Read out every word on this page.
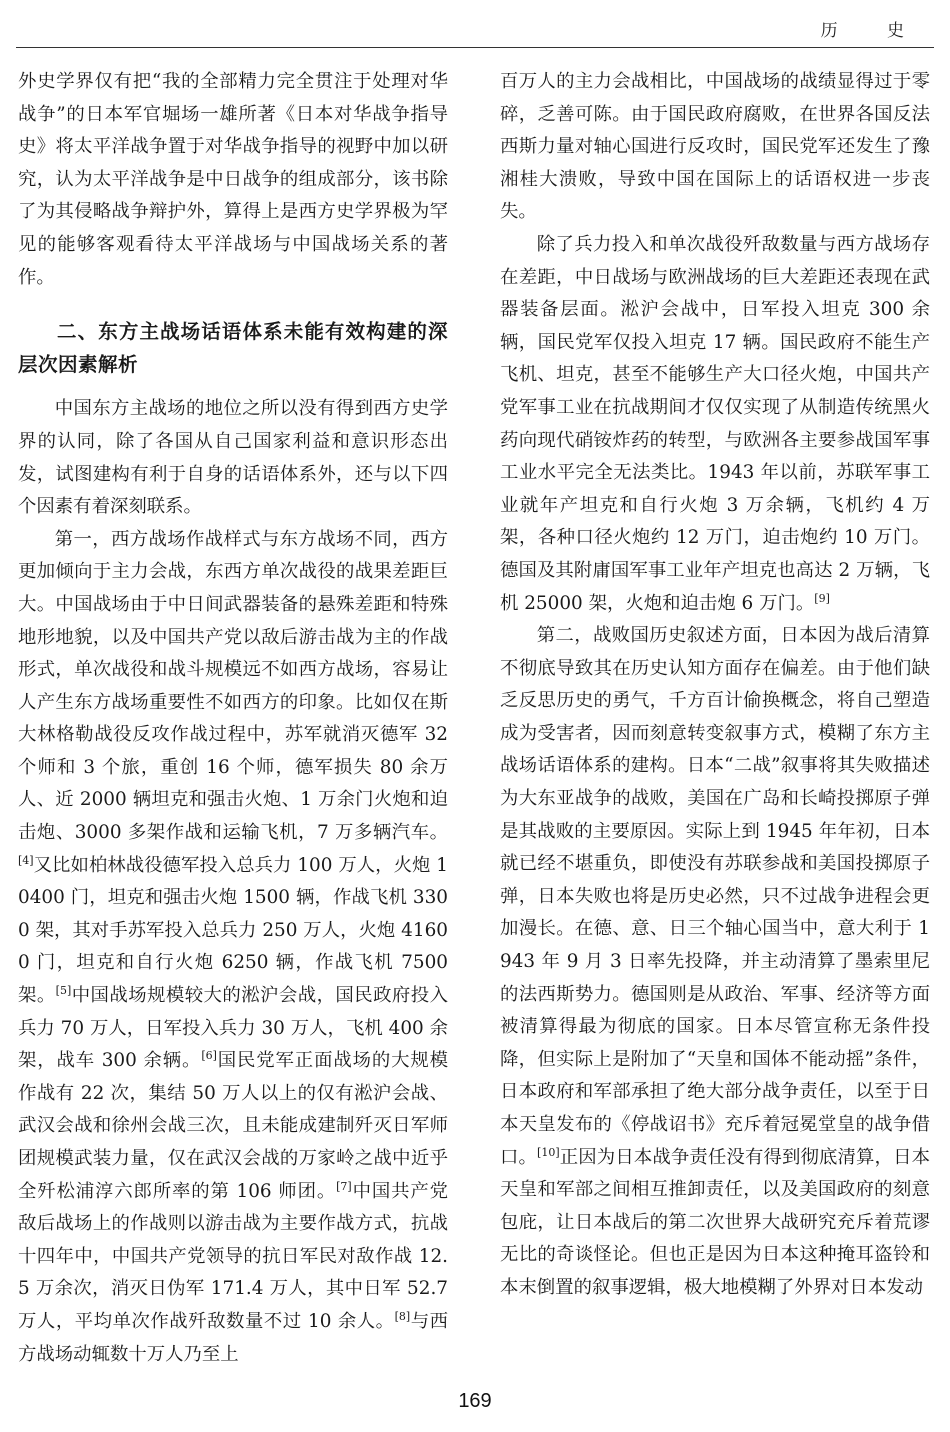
历 史

外史学界仅有把“我的全部精力完全贯注于处理对华战争”的日本军官堀场一雄所著《日本对华战争指导史》将太平洋战争置于对华战争指导的视野中加以研究，认为太平洋战争是中日战争的组成部分，该书除了为其侵略战争辩护外，算得上是西方史学界极为罕见的能够客观看待太平洋战场与中国战场关系的著作。

二、东方主战场话语体系未能有效构建的深层次因素解析

中国东方主战场的地位之所以没有得到西方史学界的认同，除了各国从自己国家利益和意识形态出发，试图建构有利于自身的话语体系外，还与以下四个因素有着深刻联系。

第一，西方战场作战样式与东方战场不同，西方更加倾向于主力会战，东西方单次战役的战果差距巨大。中国战场由于中日间武器装备的悬殊差距和特殊地形地貌，以及中国共产党以敌后游击战为主的作战形式，单次战役和战斗规模远不如西方战场，容易让人产生东方战场重要性不如西方的印象。比如仅在斯大林格勒战役反攻作战过程中，苏军就消灭德军 32 个师和 3 个旅，重创 16 个师，德军损失 80 余万人、近 2000 辆坦克和强击火炮、1 万余门火炮和迫击炮、3000 多架作战和运输飞机，7 万多辆汽车。[4]又比如柏林战役德军投入总兵力 100 万人，火炮 10400 门，坦克和强击火炮 1500 辆，作战飞机 3300 架，其对手苏军投入总兵力 250 万人，火炮 41600 门，坦克和自行火炮 6250 辆，作战飞机 7500 架。[5]中国战场规模较大的淞沪会战，国民政府投入兵力 70 万人，日军投入兵力 30 万人，飞机 400 余架，战车 300 余辆。[6]国民党军正面战场的大规模作战有 22 次，集结 50 万人以上的仅有淞沪会战、武汉会战和徐州会战三次，且未能成建制歼灭日军师团规模武装力量，仅在武汉会战的万家岭之战中近乎全歼松浦淳六郎所率的第 106 师团。[7]中国共产党敌后战场上的作战则以游击战为主要作战方式，抗战十四年中，中国共产党领导的抗日军民对敌作战 12.5 万余次，消灭日伪军 171.4 万人，其中日军 52.7 万人，平均单次作战歼敌数量不过 10 余人。[8]与西方战场动辄数十万人乃至上

百万人的主力会战相比，中国战场的战绩显得过于零碎，乏善可陈。由于国民政府腐败，在世界各国反法西斯力量对轴心国进行反攻时，国民党军还发生了豫湘桂大溃败，导致中国在国际上的话语权进一步丧失。

除了兵力投入和单次战役歼敌数量与西方战场存在差距，中日战场与欧洲战场的巨大差距还表现在武器装备层面。淞沪会战中，日军投入坦克 300 余辆，国民党军仅投入坦克 17 辆。国民政府不能生产飞机、坦克，甚至不能够生产大口径火炮，中国共产党军事工业在抗战期间才仅仅实现了从制造传统黑火药向现代硝铵炸药的转型，与欧洲各主要参战国军事工业水平完全无法类比。1943 年以前，苏联军事工业就年产坦克和自行火炮 3 万余辆，飞机约 4 万架，各种口径火炮约 12 万门，迫击炮约 10 万门。德国及其附庸国军事工业年产坦克也高达 2 万辆，飞机 25000 架，火炮和迫击炮 6 万门。[9]

第二，战败国历史叙述方面，日本因为战后清算不彻底导致其在历史认知方面存在偏差。由于他们缺乏反思历史的勇气，千方百计偷换概念，将自己塑造成为受害者，因而刻意转变叙事方式，模糊了东方主战场话语体系的建构。日本“二战”叙事将其失败描述为大东亚战争的战败，美国在广岛和长崎投掷原子弹是其战败的主要原因。实际上到 1945 年年初，日本就已经不堪重负，即使没有苏联参战和美国投掷原子弹，日本失败也将是历史必然，只不过战争进程会更加漫长。在德、意、日三个轴心国当中，意大利于 1943 年 9 月 3 日率先投降，并主动清算了墨索里尼的法西斯势力。德国则是从政治、军事、经济等方面被清算得最为彻底的国家。日本尽管宣称无条件投降，但实际上是附加了“天皇和国体不能动摇”条件，日本政府和军部承担了绝大部分战争责任，以至于日本天皇发布的《停战诏书》充斥着冠冕堂皇的战争借口。[10]正因为日本战争责任没有得到彻底清算，日本天皇和军部之间相互推卸责任，以及美国政府的刻意包庇，让日本战后的第二次世界大战研究充斥着荒谬无比的奇谈怪论。但也正是因为日本这种掩耳盗铃和本末倒置的叙事逻辑，极大地模糊了外界对日本发动

169
